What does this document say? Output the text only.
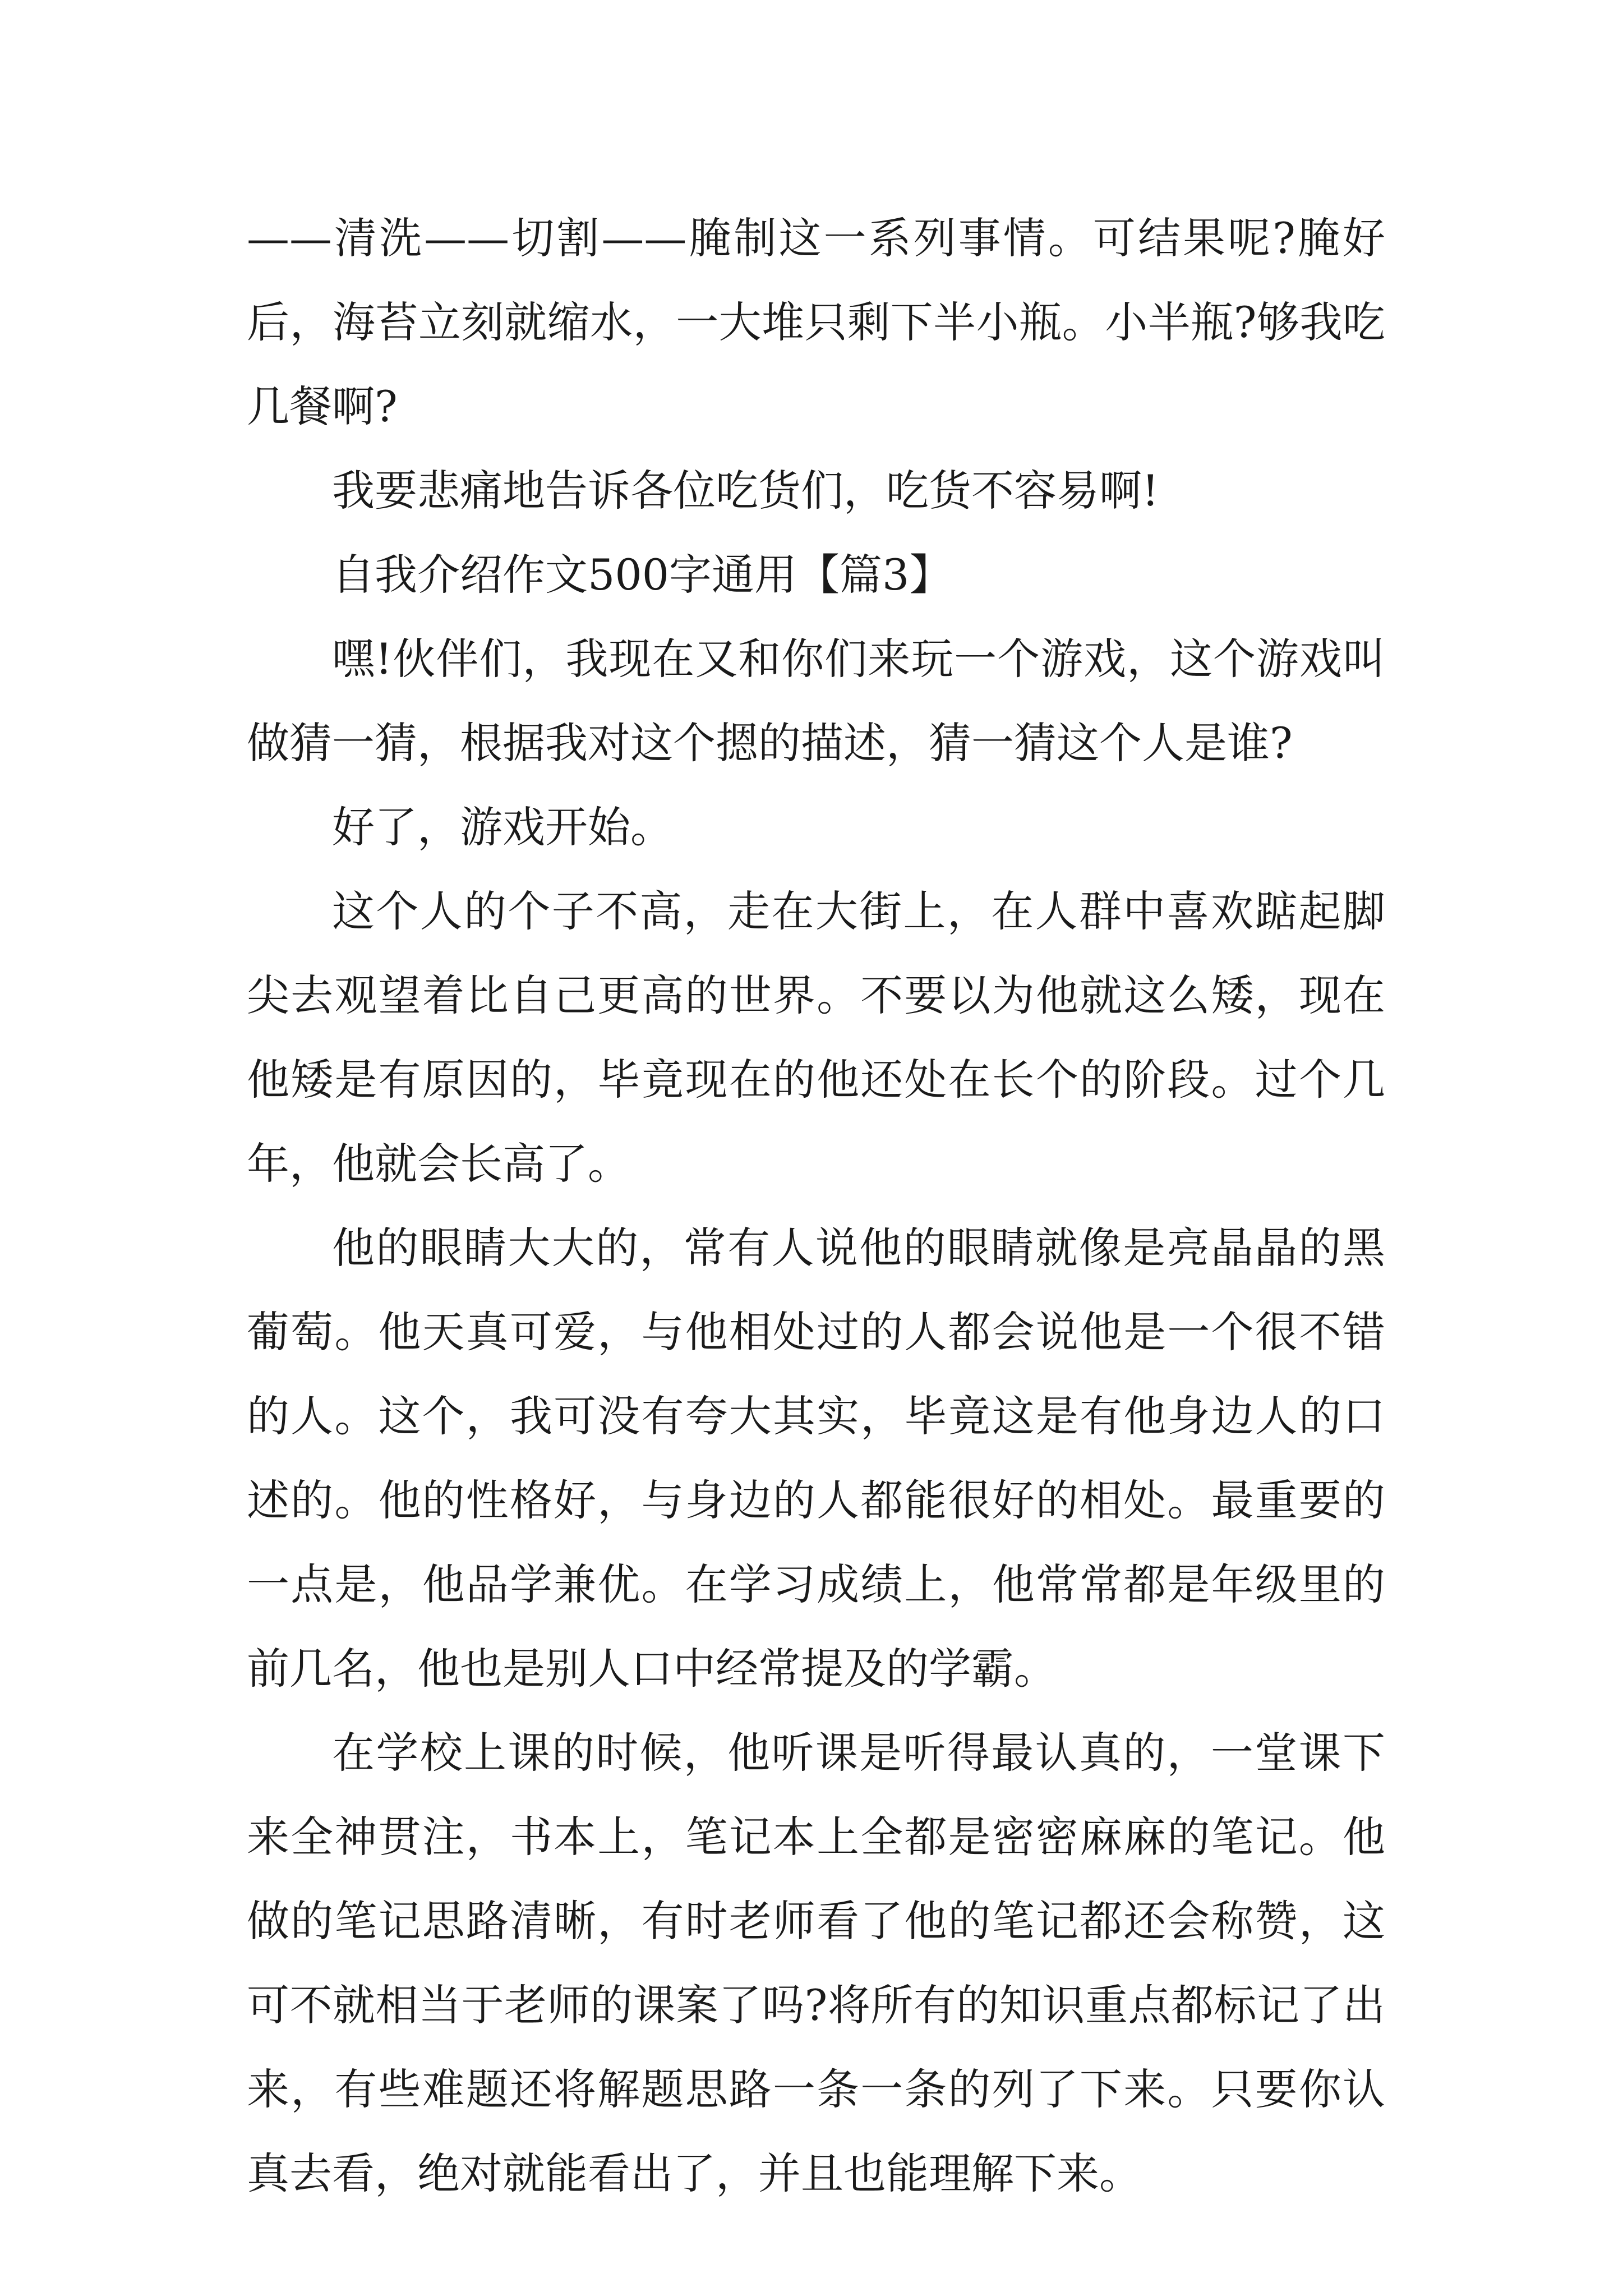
——清洗——切割——腌制这一系列事情。可结果呢?腌好后，海苔立刻就缩水，一大堆只剩下半小瓶。小半瓶?够我吃几餐啊?

我要悲痛地告诉各位吃货们，吃货不容易啊!

自我介绍作文500字通用【篇3】

嘿!伙伴们，我现在又和你们来玩一个游戏，这个游戏叫做猜一猜，根据我对这个摁的描述，猜一猜这个人是谁?

好了，游戏开始。

这个人的个子不高，走在大街上，在人群中喜欢踮起脚尖去观望着比自己更高的世界。不要以为他就这么矮，现在他矮是有原因的，毕竟现在的他还处在长个的阶段。过个几年，他就会长高了。

他的眼睛大大的，常有人说他的眼睛就像是亮晶晶的黑葡萄。他天真可爱，与他相处过的人都会说他是一个很不错的人。这个，我可没有夸大其实，毕竟这是有他身边人的口述的。他的性格好，与身边的人都能很好的相处。最重要的一点是，他品学兼优。在学习成绩上，他常常都是年级里的前几名，他也是别人口中经常提及的学霸。

在学校上课的时候，他听课是听得最认真的，一堂课下来全神贯注，书本上，笔记本上全都是密密麻麻的笔记。他做的笔记思路清晰，有时老师看了他的笔记都还会称赞，这可不就相当于老师的课案了吗?将所有的知识重点都标记了出来，有些难题还将解题思路一条一条的列了下来。只要你认真去看，绝对就能看出了，并且也能理解下来。
